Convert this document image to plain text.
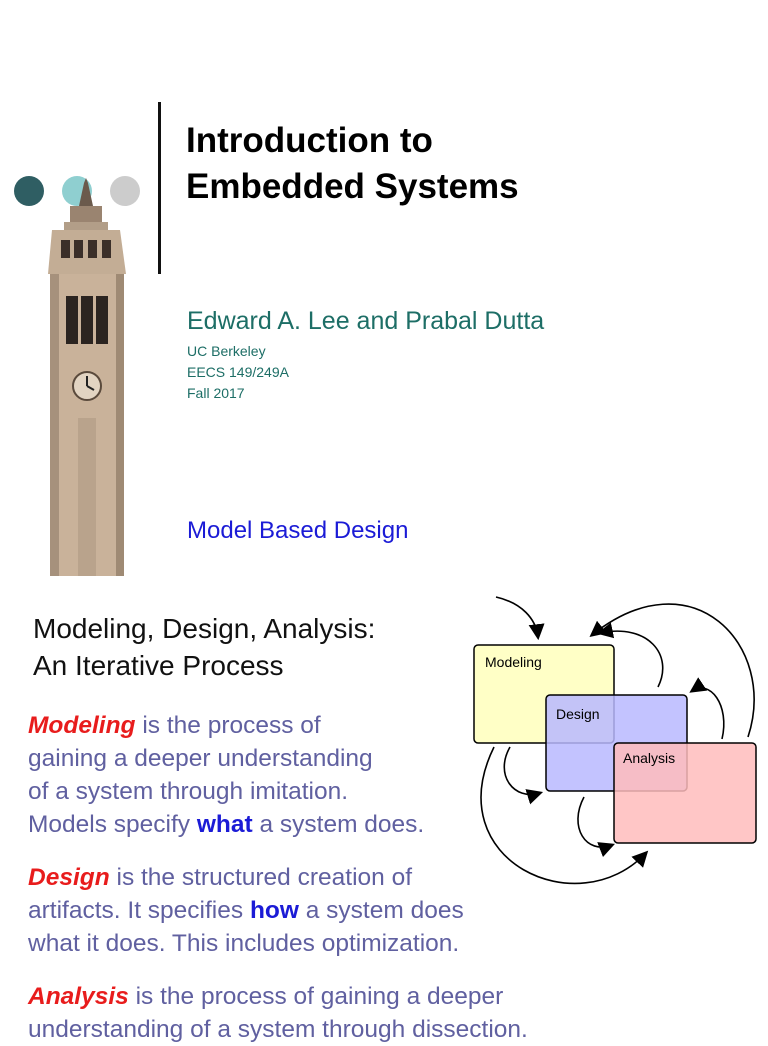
Introduction to
Embedded Systems
Edward A. Lee and Prabal Dutta
UC Berkeley
EECS 149/249A
Fall 2017
Model Based Design
Modeling, Design, Analysis:
An Iterative Process
Modeling is the process of
gaining a deeper understanding
of a system through imitation.
Models specify what a system does.
Design is the structured creation of
artifacts. It specifies how a system does
what it does. This includes optimization.
Analysis is the process of gaining a deeper
understanding of a system through dissection.
Modeling
Design
Analysis
